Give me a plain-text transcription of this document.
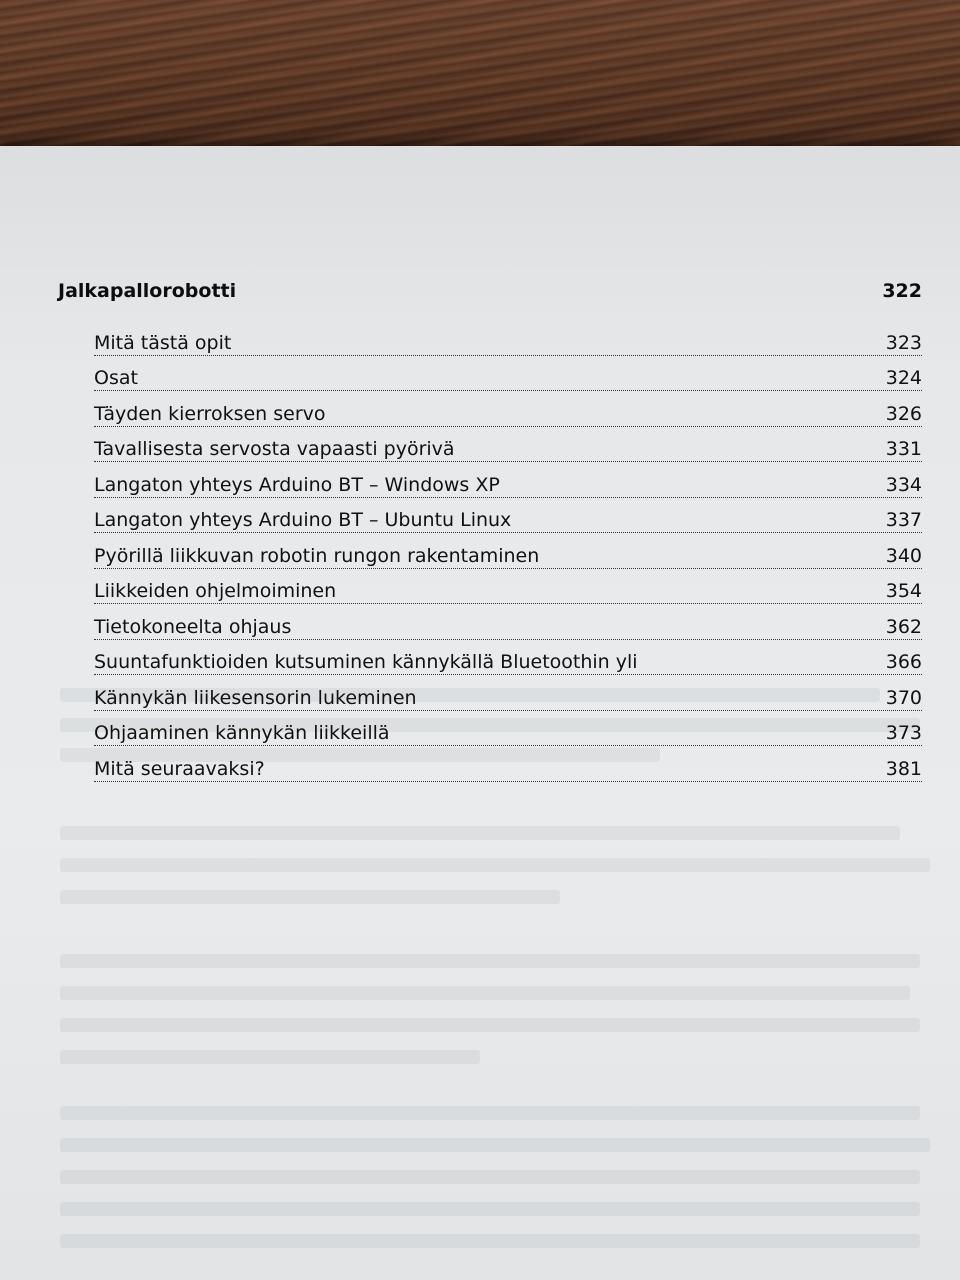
Jalkapallorobotti	322
Mitä tästä opit	323
Osat	324
Täyden kierroksen servo	326
Tavallisesta servosta vapaasti pyörivä	331
Langaton yhteys Arduino BT – Windows XP	334
Langaton yhteys Arduino BT – Ubuntu Linux	337
Pyörillä liikkuvan robotin rungon rakentaminen	340
Liikkeiden ohjelmoiminen	354
Tietokoneelta ohjaus	362
Suuntafunktioiden kutsuminen kännykällä Bluetoothin yli	366
Kännykän liikesensorin lukeminen	370
Ohjaaminen kännykän liikkeillä	373
Mitä seuraavaksi?	381
